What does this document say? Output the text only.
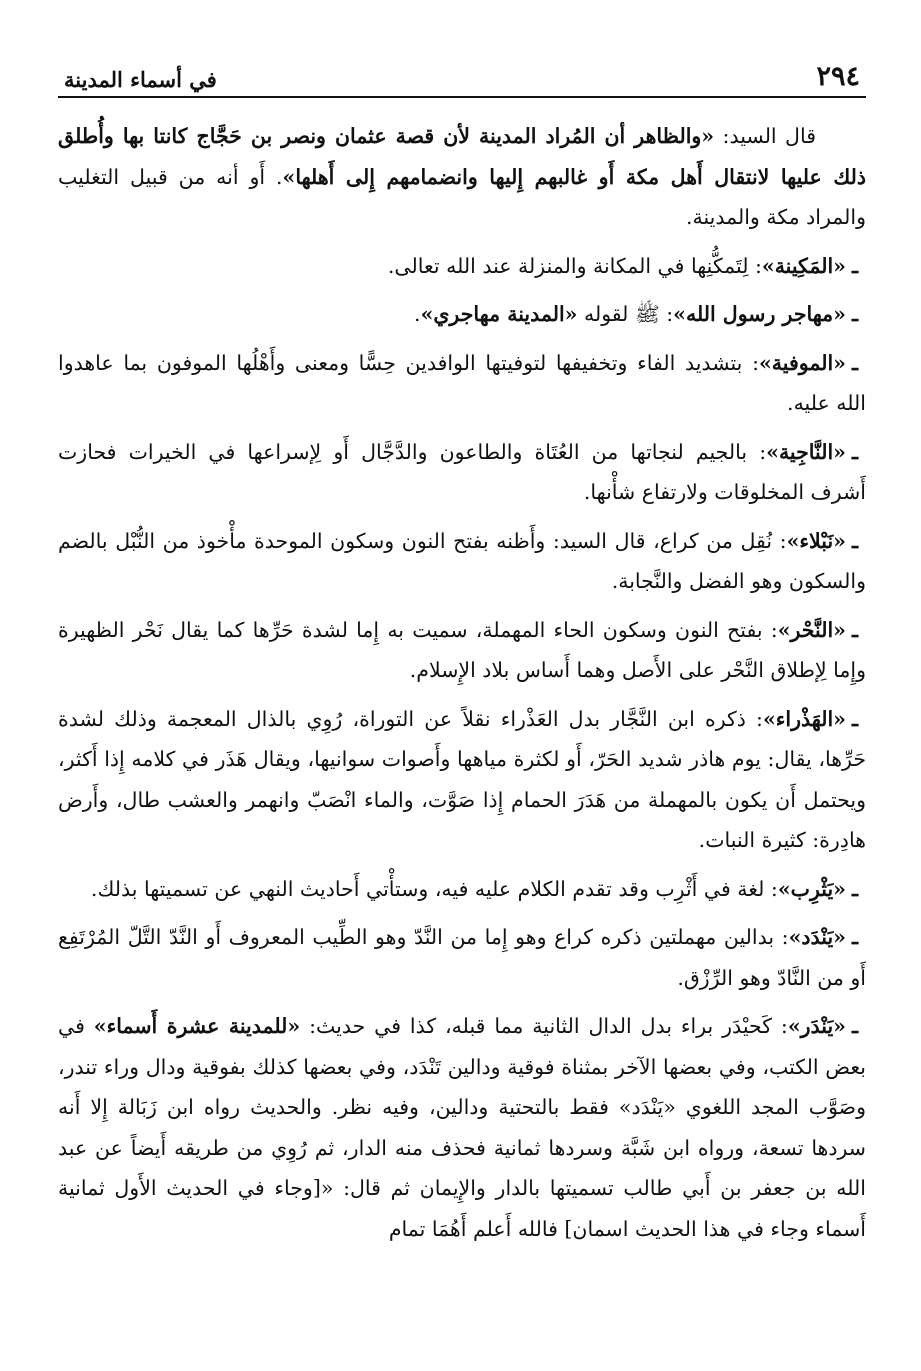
٢٩٤
في أسماء المدينة

قال السيد: «والظاهر أن المُراد المدينة لأن قصة عثمان ونصر بن حَجَّاج كانتا بها وأُطلق ذلك عليها لانتقال أَهل مكة أَو غالبهم إِليها وانضمامهم إِلى أَهلها». أَو أنه من قبيل التغليب والمراد مكة والمدينة.

ـ«المَكِينة»: لِتَمكُّنِها في المكانة والمنزلة عند الله تعالى.

ـ«مهاجر رسول الله»: ﷺ لقوله «المدينة مهاجري».

ـ«الموفية»: بتشديد الفاء وتخفيفها لتوفيتها الوافدين حِسًّا ومعنى وأَهْلُها الموفون بما عاهدوا الله عليه.

ـ«النَّاجِية»: بالجيم لنجاتها من العُتَاة والطاعون والدَّجَّال أَو لِإسراعها في الخيرات فحازت أَشرف المخلوقات ولارتفاع شأْنها.

ـ«نَبْلاء»: نُقِل من كراع، قال السيد: وأَظنه بفتح النون وسكون الموحدة مأْخوذ من النُّبْل بالضم والسكون وهو الفضل والنَّجابة.

ـ«النَّحْر»: بفتح النون وسكون الحاء المهملة، سميت به إِما لشدة حَرِّها كما يقال نَحْر الظهيرة وإِما لِإطلاق النَّحْر على الأَصل وهما أَساس بلاد الإِسلام.

ـ«الهَذْراء»: ذكره ابن النَّجَّار بدل العَذْراء نقلاً عن التوراة، رُوِي بالذال المعجمة وذلك لشدة حَرِّها، يقال: يوم هاذر شديد الحَرّ، أَو لكثرة مياهها وأَصوات سوانيها، ويقال هَذَر في كلامه إِذا أَكثر، ويحتمل أَن يكون بالمهملة من هَدَرَ الحمام إِذا صَوَّت، والماء انْصَبّ وانهمر والعشب طال، وأَرض هادِرة: كثيرة النبات.

ـ«يَثْرِب»: لغة في أَثْرِب وقد تقدم الكلام عليه فيه، وستأْتي أَحاديث النهي عن تسميتها بذلك.

ـ«يَنْدَد»: بدالين مهملتين ذكره كراع وهو إِما من النَّدّ وهو الطِّيب المعروف أَو النَّدّ التَّلّ المُرْتَفِع أَو من النَّادّ وهو الرِّزْق.

ـ«يَنْدَر»: كَحيْدَر براء بدل الدال الثانية مما قبله، كذا في حديث: «للمدينة عشرة أَسماء» في بعض الكتب، وفي بعضها الآخر بمثناة فوقية ودالين تَنْدَد، وفي بعضها كذلك بفوقية ودال وراء تندر، وصَوَّب المجد اللغوي «يَنْدَد» فقط بالتحتية ودالين، وفيه نظر. والحديث رواه ابن زَبَالة إِلا أَنه سردها تسعة، ورواه ابن شَبَّة وسردها ثمانية فحذف منه الدار، ثم رُوِي من طريقه أَيضاً عن عبد الله بن جعفر بن أَبي طالب تسميتها بالدار والإِيمان ثم قال: «[وجاء في الحديث الأَول ثمانية أَسماء وجاء في هذا الحديث اسمان] فالله أَعلم أَهُمَا تمام
